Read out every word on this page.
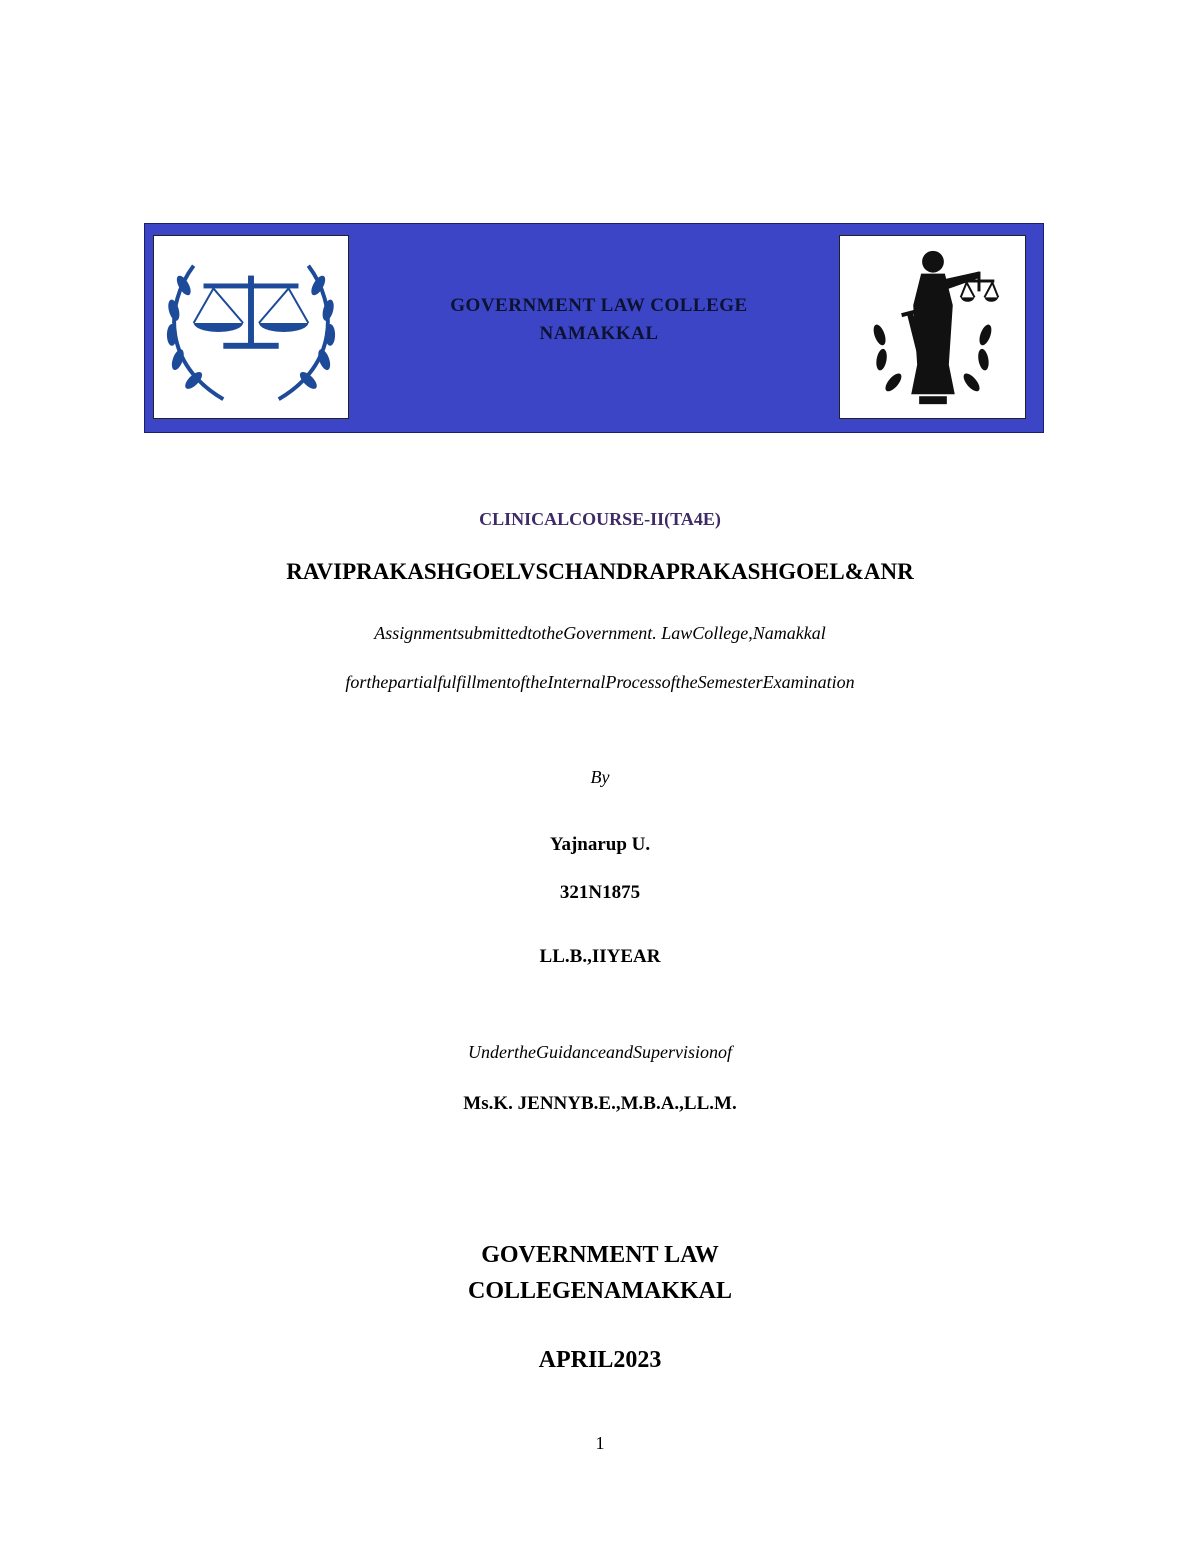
GOVERNMENT LAW COLLEGE
NAMAKKAL
CLINICALCOURSE-II(TA4E)
RAVIPRAKASHGOELVSCHANDRAPRAKASHGOEL&ANR
AssignmentsubmittedtotheGovernment. LawCollege,Namakkal
forthepartialfulfillmentoftheInternalProcessoftheSemesterExamination
By
Yajnarup U.
321N1875
LL.B.,IIYEAR
UndertheGuidanceandSupervisionof
Ms.K. JENNYB.E.,M.B.A.,LL.M.
GOVERNMENT LAW
COLLEGENAMAKKAL
APRIL2023
1
